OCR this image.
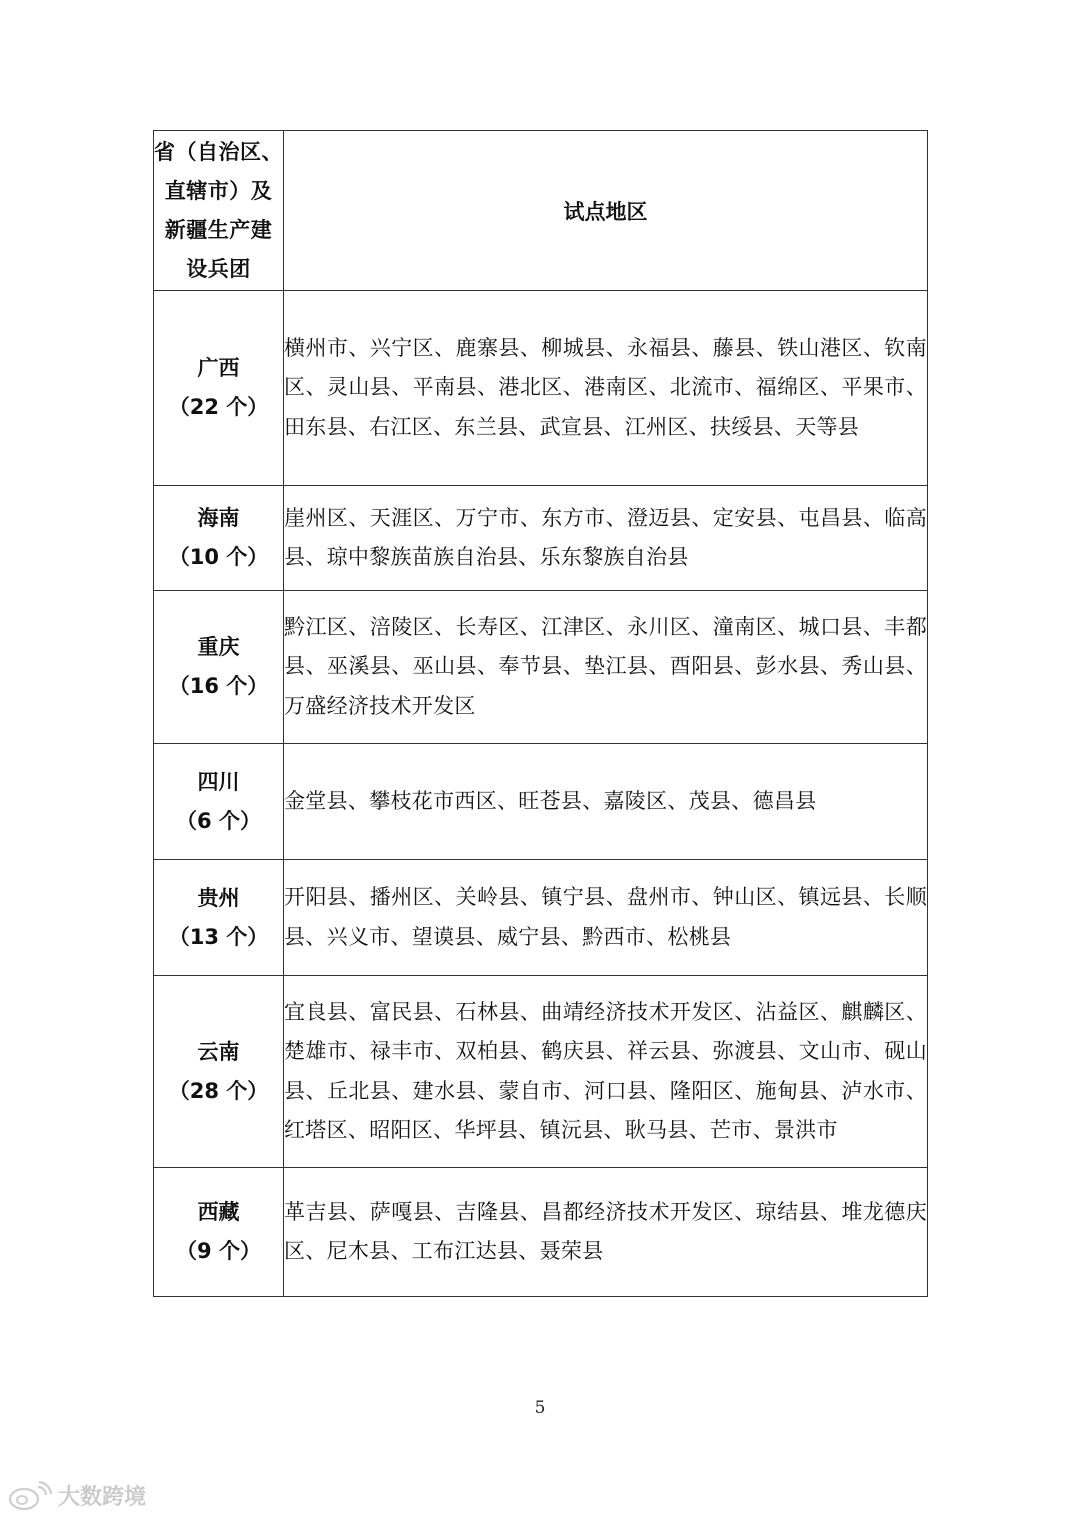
省（自治区、
直辖市）及
新疆生产建
设兵团	试点地区

广西
（22 个）	横州市、兴宁区、鹿寨县、柳城县、永福县、藤县、铁山港区、钦南区、灵山县、平南县、港北区、港南区、北流市、福绵区、平果市、田东县、右江区、东兰县、武宣县、江州区、扶绥县、天等县

海南
（10 个）	崖州区、天涯区、万宁市、东方市、澄迈县、定安县、屯昌县、临高县、琼中黎族苗族自治县、乐东黎族自治县

重庆
（16 个）	黔江区、涪陵区、长寿区、江津区、永川区、潼南区、城口县、丰都县、巫溪县、巫山县、奉节县、垫江县、酉阳县、彭水县、秀山县、万盛经济技术开发区

四川
（6 个）	金堂县、攀枝花市西区、旺苍县、嘉陵区、茂县、德昌县

贵州
（13 个）	开阳县、播州区、关岭县、镇宁县、盘州市、钟山区、镇远县、长顺县、兴义市、望谟县、威宁县、黔西市、松桃县

云南
（28 个）	宜良县、富民县、石林县、曲靖经济技术开发区、沾益区、麒麟区、楚雄市、禄丰市、双柏县、鹤庆县、祥云县、弥渡县、文山市、砚山县、丘北县、建水县、蒙自市、河口县、隆阳区、施甸县、泸水市、红塔区、昭阳区、华坪县、镇沅县、耿马县、芒市、景洪市

西藏
（9 个）	革吉县、萨嘎县、吉隆县、昌都经济技术开发区、琼结县、堆龙德庆区、尼木县、工布江达县、聂荣县
5
大数跨境
